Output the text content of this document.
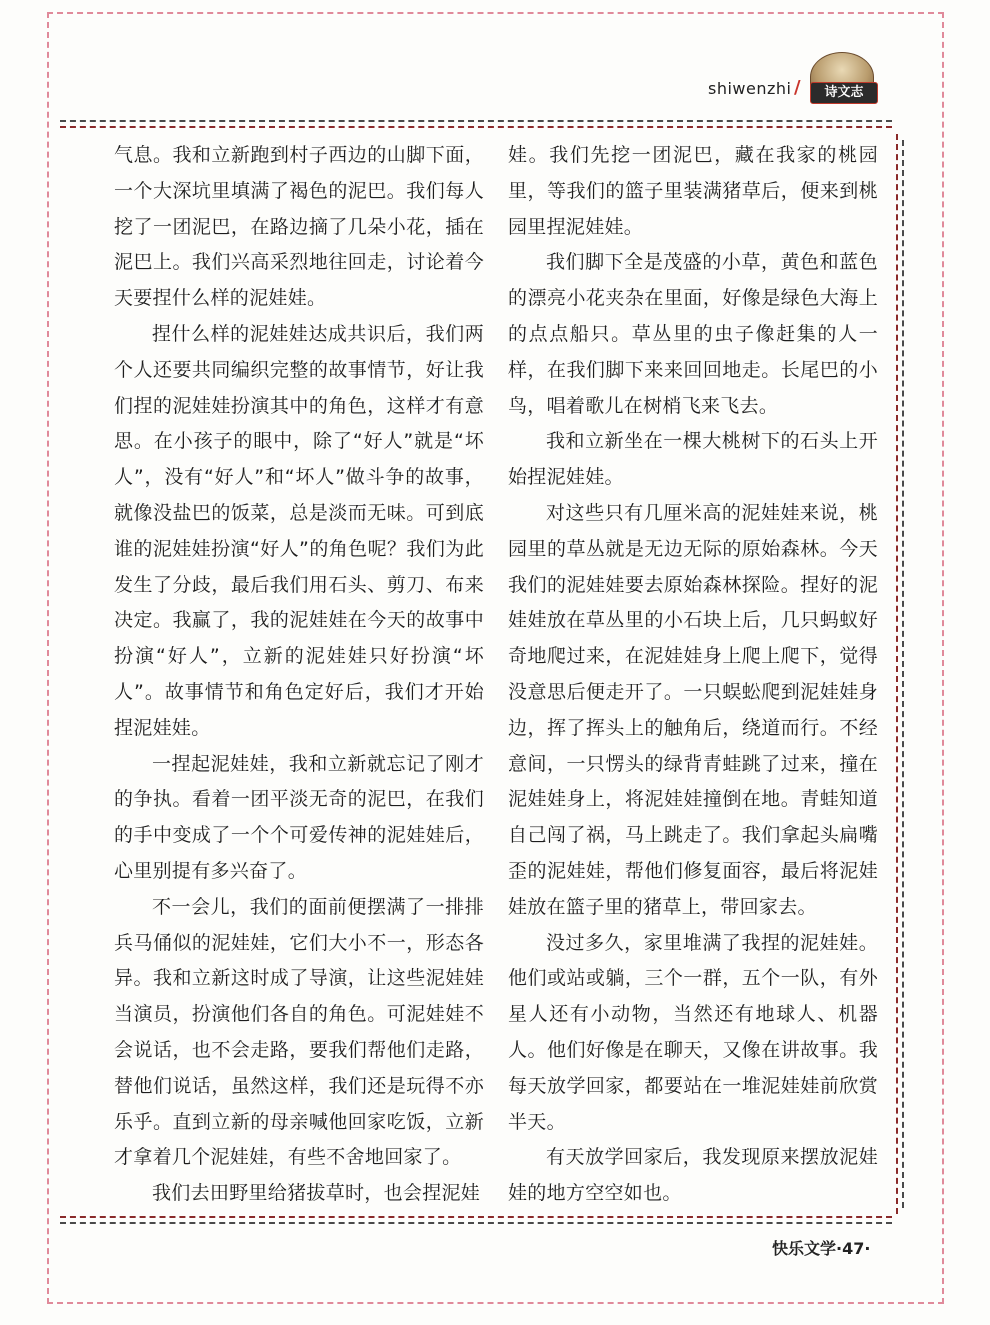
shiwenzhi /	诗文志

气息。我和立新跑到村子西边的山脚下面，一个大深坑里填满了褐色的泥巴。我们每人挖了一团泥巴，在路边摘了几朵小花，插在泥巴上。我们兴高采烈地往回走，讨论着今天要捏什么样的泥娃娃。

捏什么样的泥娃娃达成共识后，我们两个人还要共同编织完整的故事情节，好让我们捏的泥娃娃扮演其中的角色，这样才有意思。在小孩子的眼中，除了“好人”就是“坏人”，没有“好人”和“坏人”做斗争的故事，就像没盐巴的饭菜，总是淡而无味。可到底谁的泥娃娃扮演“好人”的角色呢？我们为此发生了分歧，最后我们用石头、剪刀、布来决定。我赢了，我的泥娃娃在今天的故事中扮演“好人”，立新的泥娃娃只好扮演“坏人”。故事情节和角色定好后，我们才开始捏泥娃娃。

一捏起泥娃娃，我和立新就忘记了刚才的争执。看着一团平淡无奇的泥巴，在我们的手中变成了一个个可爱传神的泥娃娃后，心里别提有多兴奋了。

不一会儿，我们的面前便摆满了一排排兵马俑似的泥娃娃，它们大小不一，形态各异。我和立新这时成了导演，让这些泥娃娃当演员，扮演他们各自的角色。可泥娃娃不会说话，也不会走路，要我们帮他们走路，替他们说话，虽然这样，我们还是玩得不亦乐乎。直到立新的母亲喊他回家吃饭，立新才拿着几个泥娃娃，有些不舍地回家了。

我们去田野里给猪拔草时，也会捏泥娃

娃。我们先挖一团泥巴，藏在我家的桃园里，等我们的篮子里装满猪草后，便来到桃园里捏泥娃娃。

我们脚下全是茂盛的小草，黄色和蓝色的漂亮小花夹杂在里面，好像是绿色大海上的点点船只。草丛里的虫子像赶集的人一样，在我们脚下来来回回地走。长尾巴的小鸟，唱着歌儿在树梢飞来飞去。

我和立新坐在一棵大桃树下的石头上开始捏泥娃娃。

对这些只有几厘米高的泥娃娃来说，桃园里的草丛就是无边无际的原始森林。今天我们的泥娃娃要去原始森林探险。捏好的泥娃娃放在草丛里的小石块上后，几只蚂蚁好奇地爬过来，在泥娃娃身上爬上爬下，觉得没意思后便走开了。一只蜈蚣爬到泥娃娃身边，挥了挥头上的触角后，绕道而行。不经意间，一只愣头的绿背青蛙跳了过来，撞在泥娃娃身上，将泥娃娃撞倒在地。青蛙知道自己闯了祸，马上跳走了。我们拿起头扁嘴歪的泥娃娃，帮他们修复面容，最后将泥娃娃放在篮子里的猪草上，带回家去。

没过多久，家里堆满了我捏的泥娃娃。他们或站或躺，三个一群，五个一队，有外星人还有小动物，当然还有地球人、机器人。他们好像是在聊天，又像在讲故事。我每天放学回家，都要站在一堆泥娃娃前欣赏半天。

有天放学回家后，我发现原来摆放泥娃娃的地方空空如也。

快乐文学·47·
